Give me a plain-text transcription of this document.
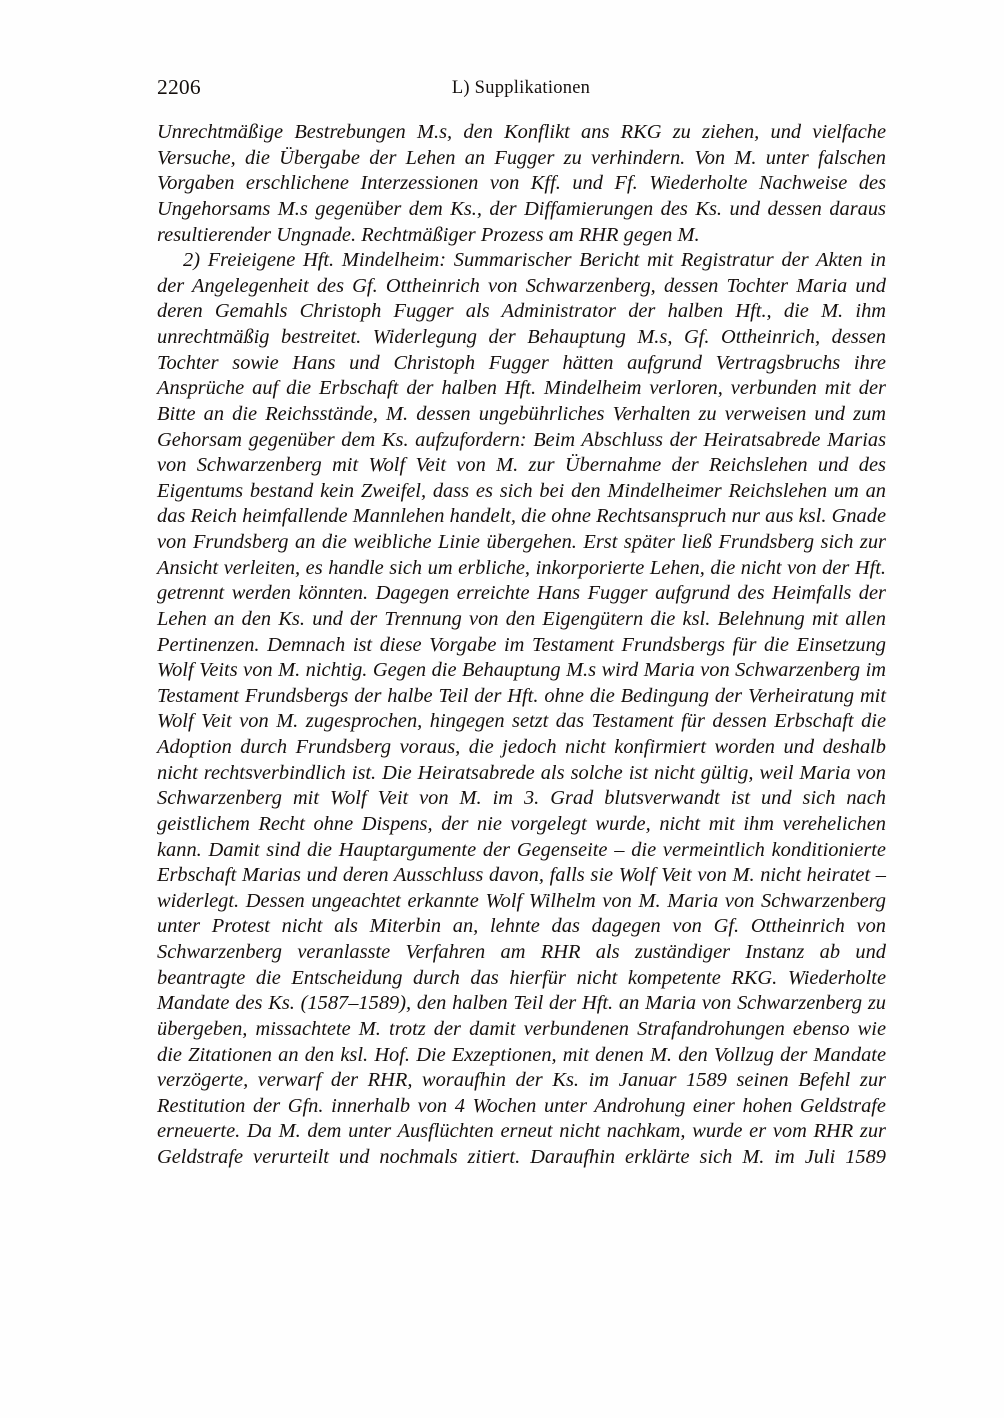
2206	L) Supplikationen

Unrechtmäßige Bestrebungen M.s, den Konflikt ans RKG zu ziehen, und vielfache Versuche, die Übergabe der Lehen an Fugger zu verhindern. Von M. unter falschen Vorgaben erschlichene Interzessionen von Kff. und Ff. Wiederholte Nachweise des Ungehorsams M.s gegenüber dem Ks., der Diffamierungen des Ks. und dessen daraus resultierender Ungnade. Rechtmäßiger Prozess am RHR gegen M.

2) Freieigene Hft. Mindelheim: Summarischer Bericht mit Registratur der Akten in der Angelegenheit des Gf. Ottheinrich von Schwarzenberg, dessen Tochter Maria und deren Gemahls Christoph Fugger als Administrator der halben Hft., die M. ihm unrechtmäßig bestreitet. Widerlegung der Behauptung M.s, Gf. Ottheinrich, dessen Tochter sowie Hans und Christoph Fugger hätten aufgrund Vertragsbruchs ihre Ansprüche auf die Erbschaft der halben Hft. Mindelheim verloren, verbunden mit der Bitte an die Reichsstände, M. dessen ungebührliches Verhalten zu verweisen und zum Gehorsam gegenüber dem Ks. aufzufordern: Beim Abschluss der Heiratsabrede Marias von Schwarzenberg mit Wolf Veit von M. zur Übernahme der Reichslehen und des Eigentums bestand kein Zweifel, dass es sich bei den Mindelheimer Reichslehen um an das Reich heimfallende Mannlehen handelt, die ohne Rechtsanspruch nur aus ksl. Gnade von Frundsberg an die weibliche Linie übergehen. Erst später ließ Frundsberg sich zur Ansicht verleiten, es handle sich um erbliche, inkorporierte Lehen, die nicht von der Hft. getrennt werden könnten. Dagegen erreichte Hans Fugger aufgrund des Heimfalls der Lehen an den Ks. und der Trennung von den Eigengütern die ksl. Belehnung mit allen Pertinenzen. Demnach ist diese Vorgabe im Testament Frundsbergs für die Einsetzung Wolf Veits von M. nichtig. Gegen die Behauptung M.s wird Maria von Schwarzenberg im Testament Frundsbergs der halbe Teil der Hft. ohne die Bedingung der Verheiratung mit Wolf Veit von M. zugesprochen, hingegen setzt das Testament für dessen Erbschaft die Adoption durch Frundsberg voraus, die jedoch nicht konfirmiert worden und deshalb nicht rechtsverbindlich ist. Die Heiratsabrede als solche ist nicht gültig, weil Maria von Schwarzenberg mit Wolf Veit von M. im 3. Grad blutsverwandt ist und sich nach geistlichem Recht ohne Dispens, der nie vorgelegt wurde, nicht mit ihm verehelichen kann. Damit sind die Hauptargumente der Gegenseite – die vermeintlich konditionierte Erbschaft Marias und deren Ausschluss davon, falls sie Wolf Veit von M. nicht heiratet – widerlegt. Dessen ungeachtet erkannte Wolf Wilhelm von M. Maria von Schwarzenberg unter Protest nicht als Miterbin an, lehnte das dagegen von Gf. Ottheinrich von Schwarzenberg veranlasste Verfahren am RHR als zuständiger Instanz ab und beantragte die Entscheidung durch das hierfür nicht kompetente RKG. Wiederholte Mandate des Ks. (1587–1589), den halben Teil der Hft. an Maria von Schwarzenberg zu übergeben, missachtete M. trotz der damit verbundenen Strafandrohungen ebenso wie die Zitationen an den ksl. Hof. Die Exzeptionen, mit denen M. den Vollzug der Mandate verzögerte, verwarf der RHR, woraufhin der Ks. im Januar 1589 seinen Befehl zur Restitution der Gfn. innerhalb von 4 Wochen unter Androhung einer hohen Geldstrafe erneuerte. Da M. dem unter Ausflüchten erneut nicht nachkam, wurde er vom RHR zur Geldstrafe verurteilt und nochmals zitiert. Daraufhin erklärte sich M. im Juli 1589
